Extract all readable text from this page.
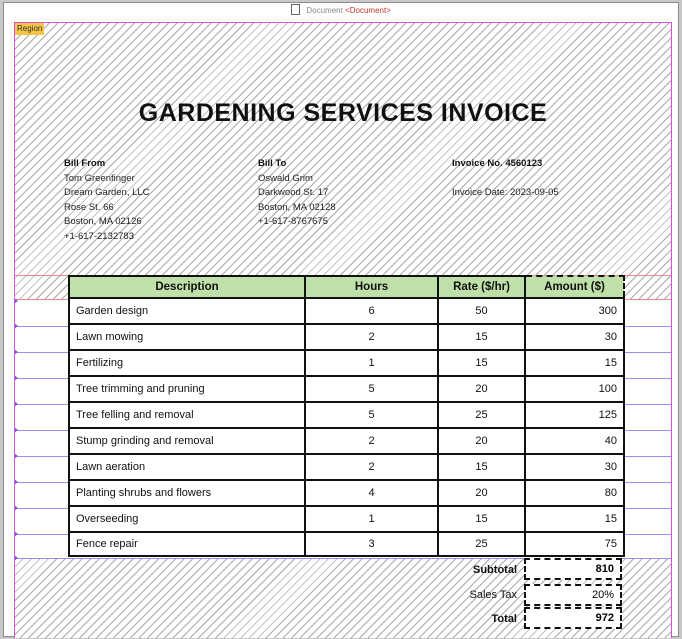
Document <Document>
Region
GARDENING SERVICES INVOICE
Bill From
Tom Greenfinger
Dream Garden, LLC
Rose St. 66
Boston, MA 02126
+1-617-2132783
Bill To
Oswald Grim
Darkwood St. 17
Boston, MA 02128
+1-617-8767675
Invoice No. 4560123
Invoice Date: 2023-09-05
Description	Hours	Rate ($/hr)	Amount ($)
Garden design	6	50	300
Lawn mowing	2	15	30
Fertilizing	1	15	15
Tree trimming and pruning	5	20	100
Tree felling and removal	5	25	125
Stump grinding and removal	2	20	40
Lawn aeration	2	15	30
Planting shrubs and flowers	4	20	80
Overseeding	1	15	15
Fence repair	3	25	75
Subtotal	810
Sales Tax	20%
Total	972
